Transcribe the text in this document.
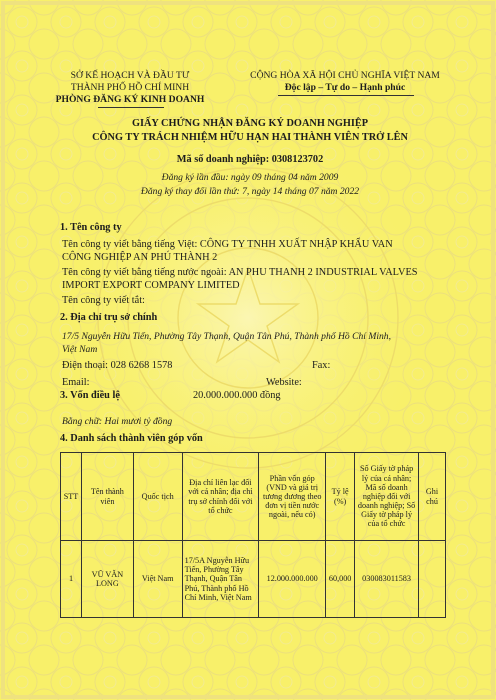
SỞ KẾ HOẠCH VÀ ĐẦU TƯ
THÀNH PHỐ HỒ CHÍ MINH
PHÒNG ĐĂNG KÝ KINH DOANH
CỘNG HÒA XÃ HỘI CHỦ NGHĨA VIỆT NAM
Độc lập – Tự do – Hạnh phúc
GIẤY CHỨNG NHẬN ĐĂNG KÝ DOANH NGHIỆP
CÔNG TY TRÁCH NHIỆM HỮU HẠN HAI THÀNH VIÊN TRỞ LÊN
Mã số doanh nghiệp: 0308123702
Đăng ký lần đầu: ngày 09 tháng 04 năm 2009
Đăng ký thay đổi lần thứ: 7, ngày 14 tháng 07 năm 2022
1. Tên công ty
Tên công ty viết bằng tiếng Việt: CÔNG TY TNHH XUẤT NHẬP KHẨU VAN
CÔNG NGHIỆP AN PHÚ THÀNH 2
Tên công ty viết bằng tiếng nước ngoài: AN PHU THANH 2 INDUSTRIAL VALVES
IMPORT EXPORT COMPANY LIMITED
Tên công ty viết tắt:
2. Địa chỉ trụ sở chính
17/5 Nguyễn Hữu Tiến, Phường Tây Thạnh, Quận Tân Phú, Thành phố Hồ Chí Minh,
Việt Nam
Điện thoại: 028 6268 1578	Fax:
Email:	Website:
3. Vốn điều lệ	20.000.000.000 đồng
Bằng chữ: Hai mươi tỷ đồng
4. Danh sách thành viên góp vốn
STT	Tên thành viên	Quốc tịch	Địa chỉ liên lạc đối với cá nhân; địa chỉ trụ sở chính đối với tổ chức	Phần vốn góp (VND và giá trị tương đương theo đơn vị tiền nước ngoài, nếu có)	Tỷ lệ (%)	Số Giấy tờ pháp lý của cá nhân; Mã số doanh nghiệp đối với doanh nghiệp; Số Giấy tờ pháp lý của tổ chức	Ghi chú
1	VŨ VĂN LONG	Việt Nam	17/5A Nguyễn Hữu Tiến, Phường Tây Thạnh, Quận Tân Phú, Thành phố Hồ Chí Minh, Việt Nam	12.000.000.000	60,000	030083011583	
